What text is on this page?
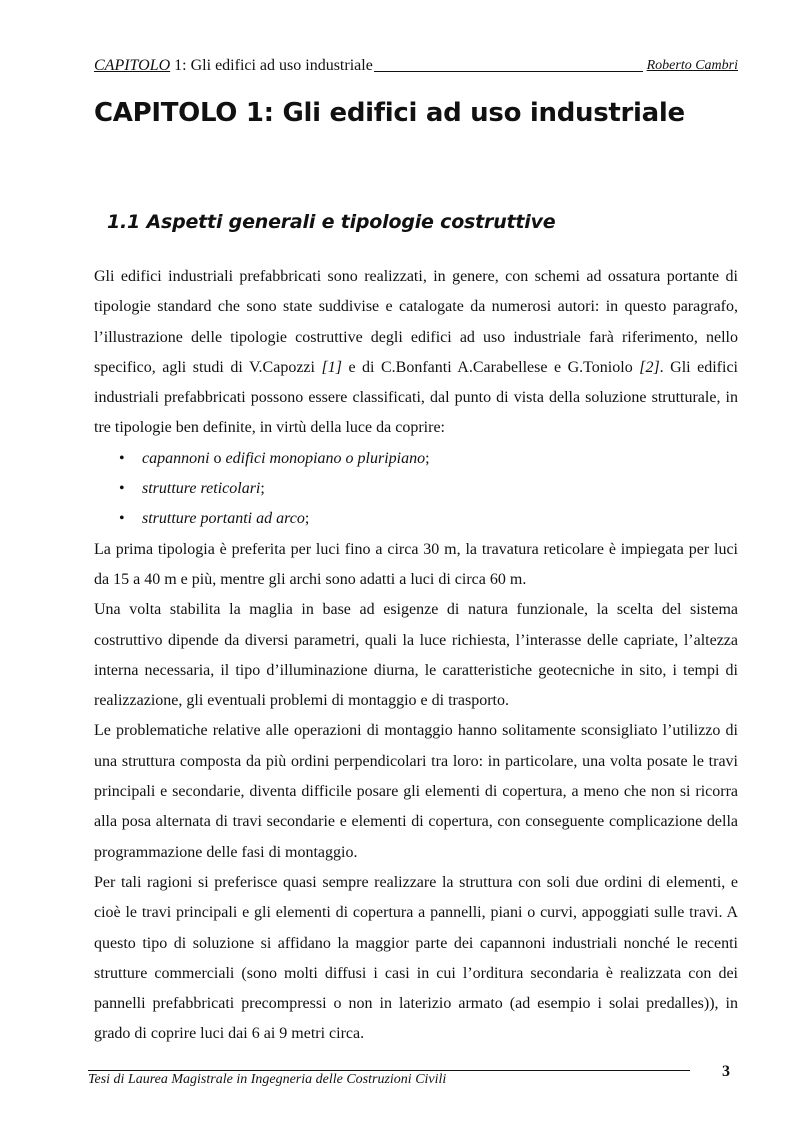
CAPITOLO 1: Gli edifici ad uso industriale	Roberto Cambri
CAPITOLO 1: Gli edifici ad uso industriale
1.1 Aspetti generali e tipologie costruttive

Gli edifici industriali prefabbricati sono realizzati, in genere, con schemi ad ossatura portante di tipologie standard che sono state suddivise e catalogate da numerosi autori: in questo paragrafo, l’illustrazione delle tipologie costruttive degli edifici ad uso industriale farà riferimento, nello specifico, agli studi di V.Capozzi [1] e di C.Bonfanti A.Carabellese e G.Toniolo [2]. Gli edifici industriali prefabbricati possono essere classificati, dal punto di vista della soluzione strutturale, in tre tipologie ben definite, in virtù della luce da coprire:

• capannoni o edifici monopiano o pluripiano;
• strutture reticolari;
• strutture portanti ad arco;

La prima tipologia è preferita per luci fino a circa 30 m, la travatura reticolare è impiegata per luci da 15 a 40 m e più, mentre gli archi sono adatti a luci di circa 60 m.

Una volta stabilita la maglia in base ad esigenze di natura funzionale, la scelta del sistema costruttivo dipende da diversi parametri, quali la luce richiesta, l’interasse delle capriate, l’altezza interna necessaria, il tipo d’illuminazione diurna, le caratteristiche geotecniche in sito, i tempi di realizzazione, gli eventuali problemi di montaggio e di trasporto.

Le problematiche relative alle operazioni di montaggio hanno solitamente sconsigliato l’utilizzo di una struttura composta da più ordini perpendicolari tra loro: in particolare, una volta posate le travi principali e secondarie, diventa difficile posare gli elementi di copertura, a meno che non si ricorra alla posa alternata di travi secondarie e elementi di copertura, con conseguente complicazione della programmazione delle fasi di montaggio.

Per tali ragioni si preferisce quasi sempre realizzare la struttura con soli due ordini di elementi, e cioè le travi principali e gli elementi di copertura a pannelli, piani o curvi, appoggiati sulle travi. A questo tipo di soluzione si affidano la maggior parte dei capannoni industriali nonché le recenti strutture commerciali (sono molti diffusi i casi in cui l’orditura secondaria è realizzata con dei pannelli prefabbricati precompressi o non in laterizio armato (ad esempio i solai predalles)), in grado di coprire luci dai 6 ai 9 metri circa.

Tesi di Laurea Magistrale in Ingegneria delle Costruzioni Civili	3
